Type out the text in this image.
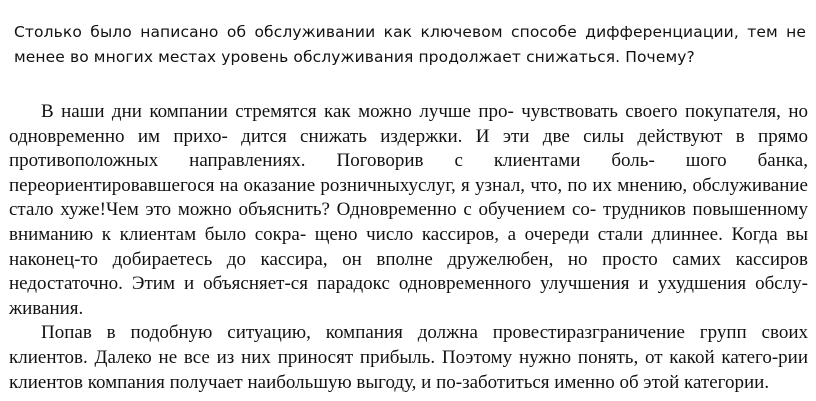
Столько было написано об обслуживании как ключевом способе дифференциации, тем не менее во многих местах уровень обслуживания продолжает снижаться. Почему?

В наши дни компании стремятся как можно лучше про- чувствовать своего покупателя, но одновременно им прихо- дится снижать издержки. И эти две силы действуют в прямо противоположных направлениях. Поговорив с клиентами боль- шого банка, переориентировавшегося на оказание розничныхуслуг, я узнал, что, по их мнению, обслуживание стало хуже!Чем это можно объяснить? Одновременно с обучением со- трудников повышенному вниманию к клиентам было сокра- щено число кассиров, а очереди стали длиннее. Когда вы наконец-то добираетесь до кассира, он вполне дружелюбен, но просто самих кассиров недостаточно. Этим и объясняет-ся парадокс одновременного улучшения и ухудшения обслу- живания.

Попав в подобную ситуацию, компания должна провестиразграничение групп своих клиентов. Далеко не все из них приносят прибыль. Поэтому нужно понять, от какой катего-рии клиентов компания получает наибольшую выгоду, и по-заботиться именно об этой категории.
